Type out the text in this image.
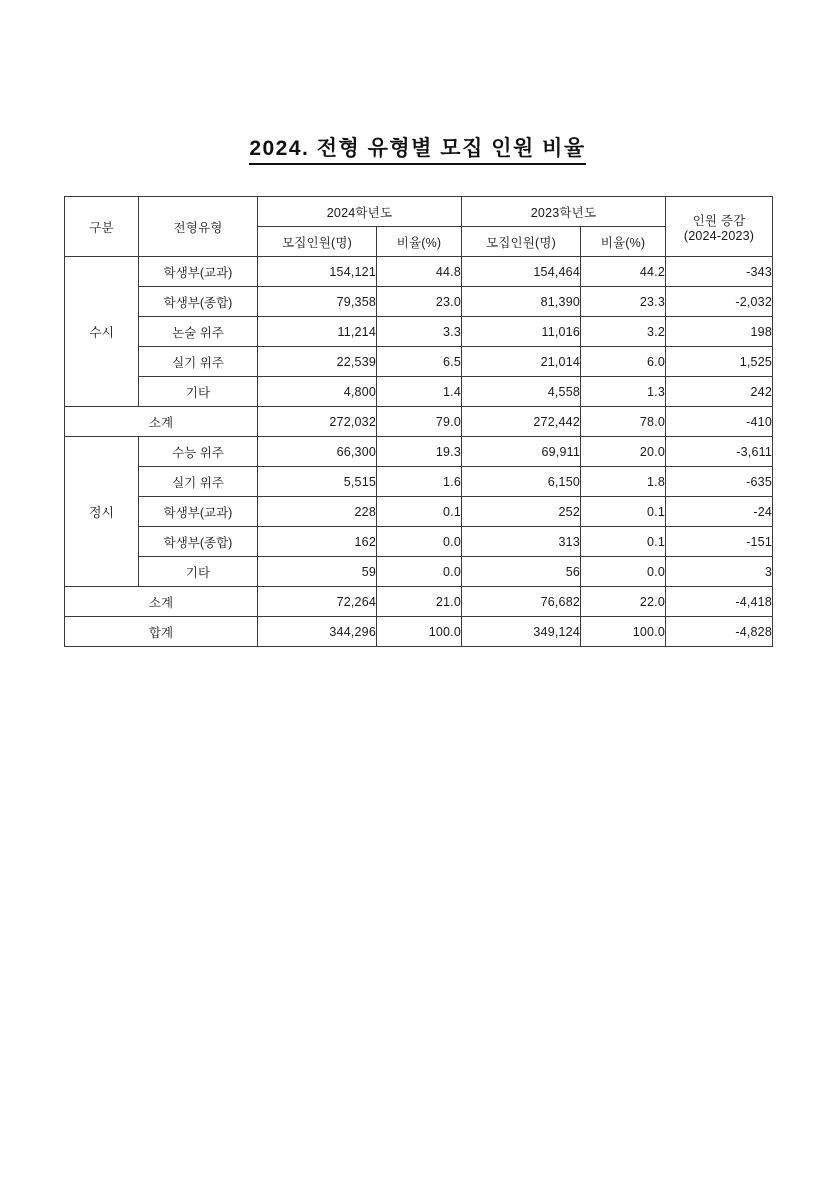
2024. 전형 유형별 모집 인원 비율
구분	전형유형	2024학년도		2023학년도		인원 증감
(2024-2023)

		모집인원(명)	비율(%)	모집인원(명)	비율(%)	
수시	학생부(교과)	154,121	44.8	154,464	44.2	-343
	학생부(종합)	79,358	23.0	81,390	23.3	-2,032
	논술 위주	11,214	3.3	11,016	3.2	198
	실기 위주	22,539	6.5	21,014	6.0	1,525
	기타	4,800	1.4	4,558	1.3	242
소계		272,032	79.0	272,442	78.0	-410
정시	수능 위주	66,300	19.3	69,911	20.0	-3,611
	실기 위주	5,515	1.6	6,150	1.8	-635
	학생부(교과)	228	0.1	252	0.1	-24
	학생부(종합)	162	0.0	313	0.1	-151
	기타	59	0.0	56	0.0	3
소계		72,264	21.0	76,682	22.0	-4,418
합계		344,296	100.0	349,124	100.0	-4,828
